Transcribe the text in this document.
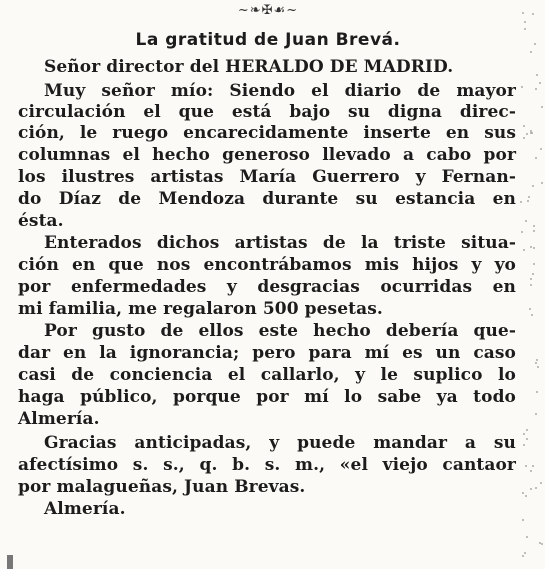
~❧✠☙~
La gratitud de Juan Brevá.
Señor director del HERALDO DE MADRID.
Muy señor mío: Siendo el diario de mayor
circulación el que está bajo su digna direc-
ción, le ruego encarecidamente inserte en sus
columnas el hecho generoso llevado a cabo por
los ilustres artistas María Guerrero y Fernan-
do Díaz de Mendoza durante su estancia en
ésta.
Enterados dichos artistas de la triste situa-
ción en que nos encontrábamos mis hijos y yo
por enfermedades y desgracias ocurridas en
mi familia, me regalaron 500 pesetas.
Por gusto de ellos este hecho debería que-
dar en la ignorancia; pero para mí es un caso
casi de conciencia el callarlo, y le suplico lo
haga público, porque por mí lo sabe ya todo
Almería.
Gracias anticipadas, y puede mandar a su
afectísimo s. s., q. b. s. m., «el viejo cantaor
por malagueñas, Juan Brevas.
Almería.
